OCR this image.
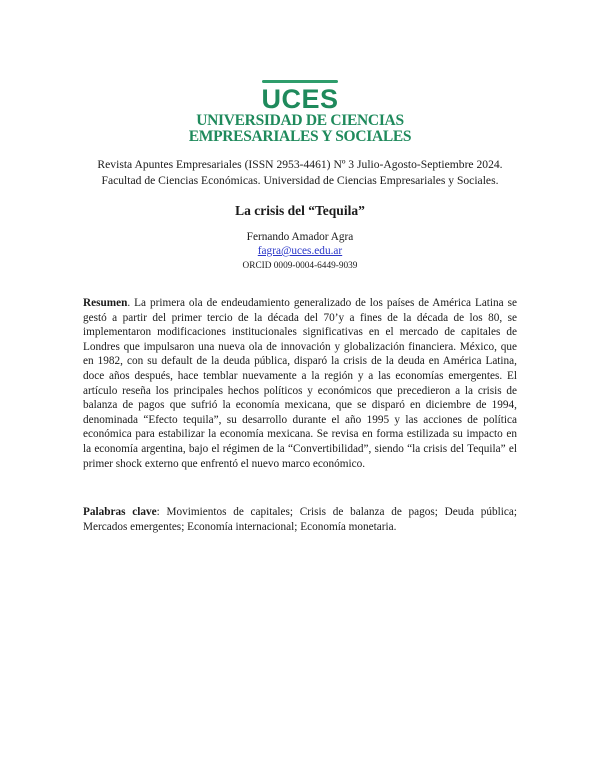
UCES
UNIVERSIDAD DE CIENCIAS
EMPRESARIALES Y SOCIALES
Revista Apuntes Empresariales (ISSN 2953-4461) Nº 3 Julio-Agosto-Septiembre 2024.
Facultad de Ciencias Económicas. Universidad de Ciencias Empresariales y Sociales.
La crisis del “Tequila”
Fernando Amador Agra
fagra@uces.edu.ar
ORCID 0009-0004-6449-9039
Resumen. La primera ola de endeudamiento generalizado de los países de América Latina se gestó a partir del primer tercio de la década del 70’y a fines de la década de los 80, se implementaron modificaciones institucionales significativas en el mercado de capitales de Londres que impulsaron una nueva ola de innovación y globalización financiera. México, que en 1982, con su default de la deuda pública, disparó la crisis de la deuda en América Latina, doce años después, hace temblar nuevamente a la región y a las economías emergentes. El artículo reseña los principales hechos políticos y económicos que precedieron a la crisis de balanza de pagos que sufrió la economía mexicana, que se disparó en diciembre de 1994, denominada “Efecto tequila”, su desarrollo durante el año 1995 y las acciones de política económica para estabilizar la economía mexicana. Se revisa en forma estilizada su impacto en la economía argentina, bajo el régimen de la “Convertibilidad”, siendo “la crisis del Tequila” el primer shock externo que enfrentó el nuevo marco económico.
Palabras clave: Movimientos de capitales; Crisis de balanza de pagos; Deuda pública; Mercados emergentes; Economía internacional; Economía monetaria.
